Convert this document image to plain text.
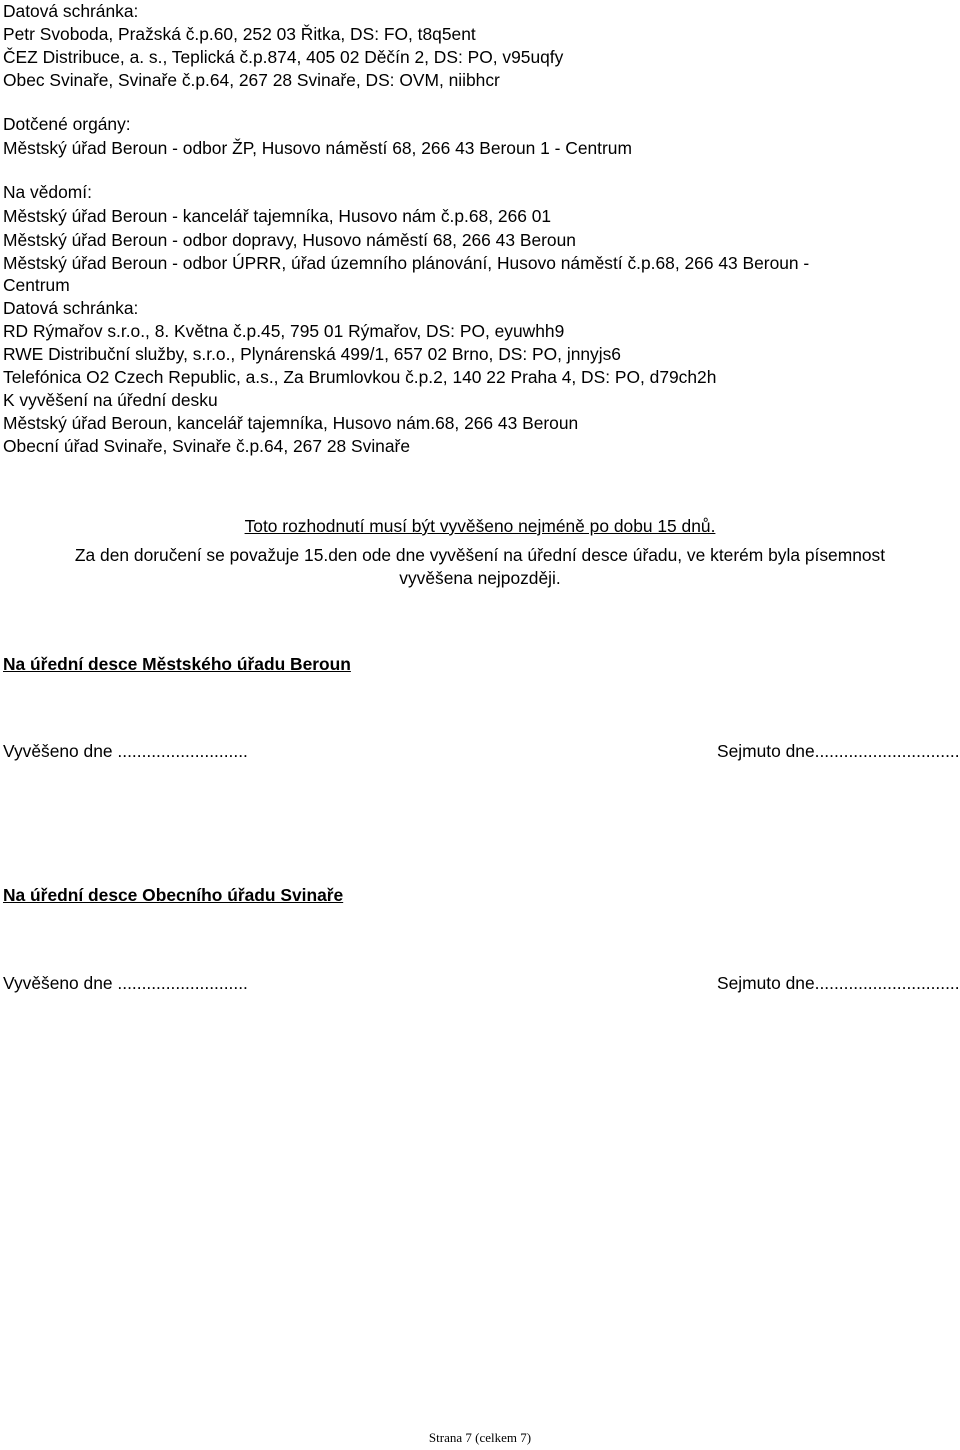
Datová schránka:
Petr Svoboda, Pražská č.p.60, 252 03 Řitka, DS: FO, t8q5ent
ČEZ Distribuce, a. s., Teplická č.p.874, 405 02 Děčín 2, DS: PO, v95uqfy
Obec Svinaře, Svinaře č.p.64, 267 28 Svinaře, DS: OVM, niibhcr
Dotčené orgány:
Městský úřad Beroun - odbor ŽP, Husovo náměstí 68, 266 43 Beroun 1 - Centrum
Na vědomí:
Městský úřad Beroun - kancelář tajemníka, Husovo nám č.p.68, 266 01
Městský úřad Beroun - odbor dopravy, Husovo náměstí 68, 266 43 Beroun
Městský úřad Beroun - odbor ÚPRR, úřad územního plánování, Husovo náměstí č.p.68, 266 43 Beroun -
Centrum
Datová schránka:
RD Rýmařov s.r.o., 8. Května č.p.45, 795 01 Rýmařov, DS: PO, eyuwhh9
RWE Distribuční služby, s.r.o., Plynárenská 499/1, 657 02 Brno, DS: PO, jnnyjs6
Telefónica O2 Czech Republic, a.s., Za Brumlovkou č.p.2, 140 22 Praha 4, DS: PO, d79ch2h
K vyvěšení na úřední desku
Městský úřad Beroun, kancelář tajemníka, Husovo nám.68, 266 43 Beroun
Obecní úřad Svinaře, Svinaře č.p.64, 267 28 Svinaře
Toto rozhodnutí musí být vyvěšeno nejméně po dobu 15 dnů.
Za den doručení se považuje 15.den ode dne vyvěšení na úřední desce úřadu, ve kterém byla písemnost
vyvěšena nejpozději.
Na úřední desce Městského úřadu Beroun
Vyvěšeno dne ...........................	Sejmuto dne..............................
Na úřední desce Obecního úřadu Svinaře
Vyvěšeno dne ...........................	Sejmuto dne..............................
Strana 7 (celkem 7)
